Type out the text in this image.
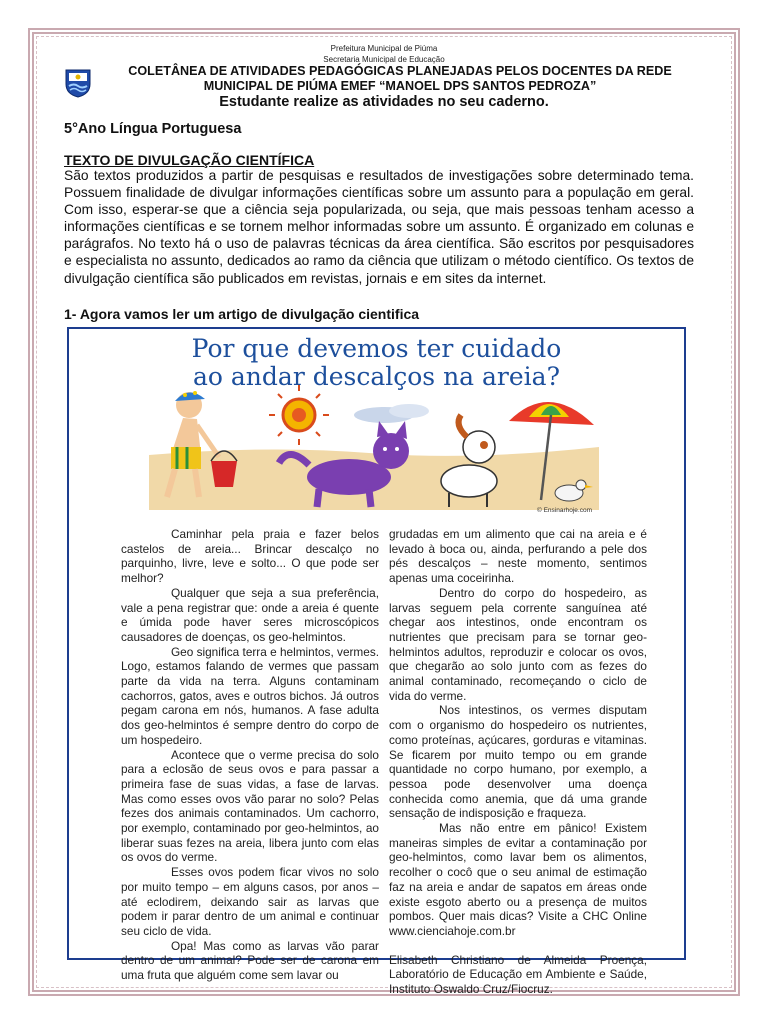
Prefeitura Municipal de Piúma
Secretaria Municipal de Educação
COLETÂNEA DE ATIVIDADES PEDAGÓGICAS PLANEJADAS PELOS DOCENTES DA REDE
MUNICIPAL DE PIÚMA EMEF “MANOEL DPS SANTOS PEDROZA”
Estudante realize as atividades no seu caderno.
5°Ano Língua Portuguesa
TEXTO DE DIVULGAÇÃO CIENTÍFICA
São textos produzidos a partir de pesquisas e resultados de investigações sobre determinado tema. Possuem finalidade de divulgar informações científicas sobre um assunto para a população em geral. Com isso, esperar-se que a ciência seja popularizada, ou seja, que mais pessoas tenham acesso a informações científicas e se tornem melhor informadas sobre um assunto. É organizado em colunas e parágrafos. No texto há o uso de palavras técnicas da área científica. São escritos por pesquisadores e especialista no assunto, dedicados ao ramo da ciência que utilizam o método científico. Os textos de divulgação científica são publicados em revistas, jornais e em sites da internet.
1- Agora vamos ler um artigo de divulgação cientifica
Por que devemos ter cuidado
ao andar descalços na areia?
© Ensinarhoje.com

Caminhar pela praia e fazer belos castelos de areia... Brincar descalço no parquinho, livre, leve e solto... O que pode ser melhor?

Qualquer que seja a sua preferência, vale a pena registrar que: onde a areia é quente e úmida pode haver seres microscópicos causadores de doenças, os geo-helmintos.

Geo significa terra e helmintos, vermes. Logo, estamos falando de vermes que passam parte da vida na terra. Alguns contaminam cachorros, gatos, aves e outros bichos. Já outros pegam carona em nós, humanos. A fase adulta dos geo-helmintos é sempre dentro do corpo de um hospedeiro.

Acontece que o verme precisa do solo para a eclosão de seus ovos e para passar a primeira fase de suas vidas, a fase de larvas. Mas como esses ovos vão parar no solo? Pelas fezes dos animais contaminados. Um cachorro, por exemplo, contaminado por geo-helmintos, ao liberar suas fezes na areia, libera junto com elas os ovos do verme.

Esses ovos podem ficar vivos no solo por muito tempo – em alguns casos, por anos – até eclodirem, deixando sair as larvas que podem ir parar dentro de um animal e continuar seu ciclo de vida.

Opa! Mas como as larvas vão parar dentro de um animal? Pode ser de carona em uma fruta que alguém come sem lavar ou

grudadas em um alimento que cai na areia e é levado à boca ou, ainda, perfurando a pele dos pés descalços – neste momento, sentimos apenas uma coceirinha.

Dentro do corpo do hospedeiro, as larvas seguem pela corrente sanguínea até chegar aos intestinos, onde encontram os nutrientes que precisam para se tornar geo-helmintos adultos, reproduzir e colocar os ovos, que chegarão ao solo junto com as fezes do animal contaminado, recomeçando o ciclo de vida do verme.

Nos intestinos, os vermes disputam com o organismo do hospedeiro os nutrientes, como proteínas, açúcares, gorduras e vitaminas. Se ficarem por muito tempo ou em grande quantidade no corpo humano, por exemplo, a pessoa pode desenvolver uma doença conhecida como anemia, que dá uma grande sensação de indisposição e fraqueza.

Mas não entre em pânico! Existem maneiras simples de evitar a contaminação por geo-helmintos, como lavar bem os alimentos, recolher o cocô que o seu animal de estimação faz na areia e andar de sapatos em áreas onde existe esgoto aberto ou a presença de muitos pombos. Quer mais dicas? Visite a CHC Online www.cienciahoje.com.br

Elisabeth Christiano de Almeida Proença, Laboratório de Educação em Ambiente e Saúde, Instituto Oswaldo Cruz/Fiocruz.
